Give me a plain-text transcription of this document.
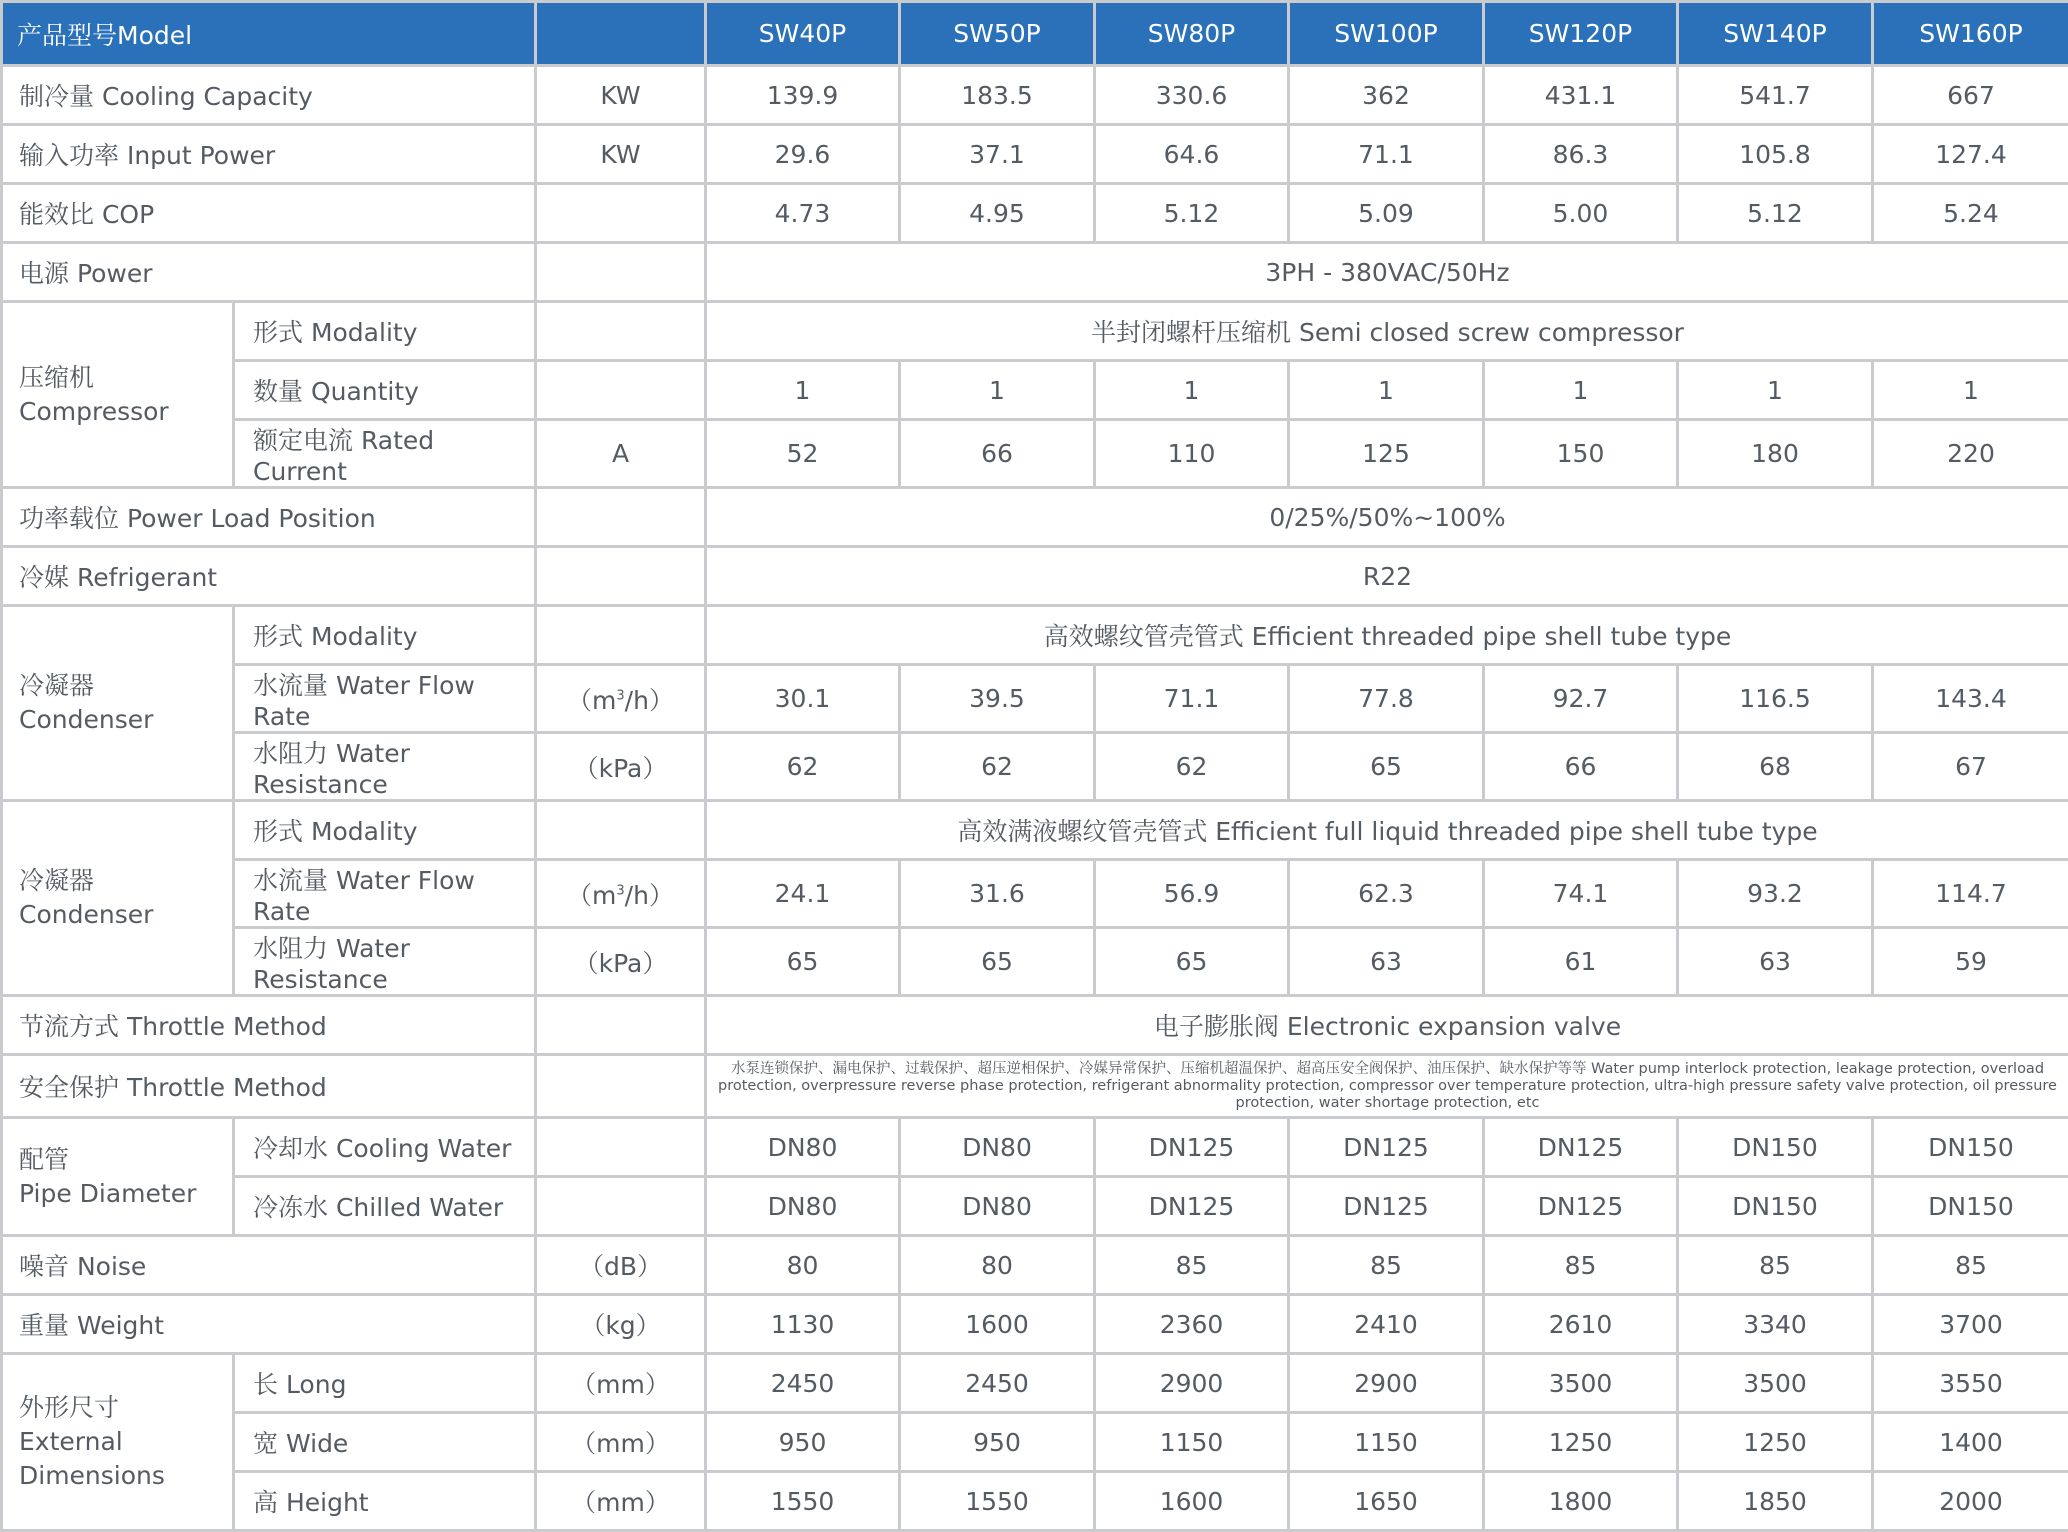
产品型号Model			SW40P	SW50P	SW80P	SW100P	SW120P	SW140P	SW160P
制冷量 Cooling Capacity		KW	139.9	183.5	330.6	362	431.1	541.7	667
输入功率 Input Power		KW	29.6	37.1	64.6	71.1	86.3	105.8	127.4
能效比 COP			4.73	4.95	5.12	5.09	5.00	5.12	5.24
电源 Power			3PH - 380VAC/50Hz						

压缩机
Compressor	形式 Modality		半封闭螺杆压缩机 Semi closed screw compressor						
	数量 Quantity		1	1	1	1	1	1	1
	额定电流 Rated Current	A	52	66	110	125	150	180	220
功率载位 Power Load Position			0/25%/50%~100%						
冷媒 Refrigerant			R22						

冷凝器
Condenser	形式 Modality		高效螺纹管壳管式 Efficient threaded pipe shell tube type						
	水流量 Water Flow Rate	$(m^3/h)$	30.1	39.5	71.1	77.8	92.7	116.5	143.4
	水阻力 Water Resistance	（kPa）	62	62	62	65	66	68	67

冷凝器
Condenser	形式 Modality		高效满液螺纹管壳管式 Efficient full liquid threaded pipe shell tube type						
	水流量 Water Flow Rate	$(m^3/h)$	24.1	31.6	56.9	62.3	74.1	93.2	114.7
	水阻力 Water Resistance	（kPa）	65	65	65	63	61	63	59
节流方式 Throttle Method			电子膨胀阀 Electronic expansion valve						
安全保护 Throttle Method			水泵连锁保护、漏电保护、过载保护、超压逆相保护、冷媒异常保护、压缩机超温保护、超高压安全阀保护、油压保护、缺水保护等等 Water pump interlock protection, leakage protection, overload protection, overpressure reverse phase protection, refrigerant abnormality protection, compressor over temperature protection, ultra-high pressure safety valve protection, oil pressure protection, water shortage protection, etc						

配管
Pipe Diameter	冷却水 Cooling Water		DN80	DN80	DN125	DN125	DN125	DN150	DN150
	冷冻水 Chilled Water		DN80	DN80	DN125	DN125	DN125	DN150	DN150
噪音 Noise		（dB）	80	80	85	85	85	85	85
重量 Weight		（kg）	1130	1600	2360	2410	2610	3340	3700

外形尺寸
External
Dimensions	长 Long	（mm）	2450	2450	2900	2900	3500	3500	3550
	宽 Wide	（mm）	950	950	1150	1150	1250	1250	1400
	高 Height	（mm）	1550	1550	1600	1650	1800	1850	2000
